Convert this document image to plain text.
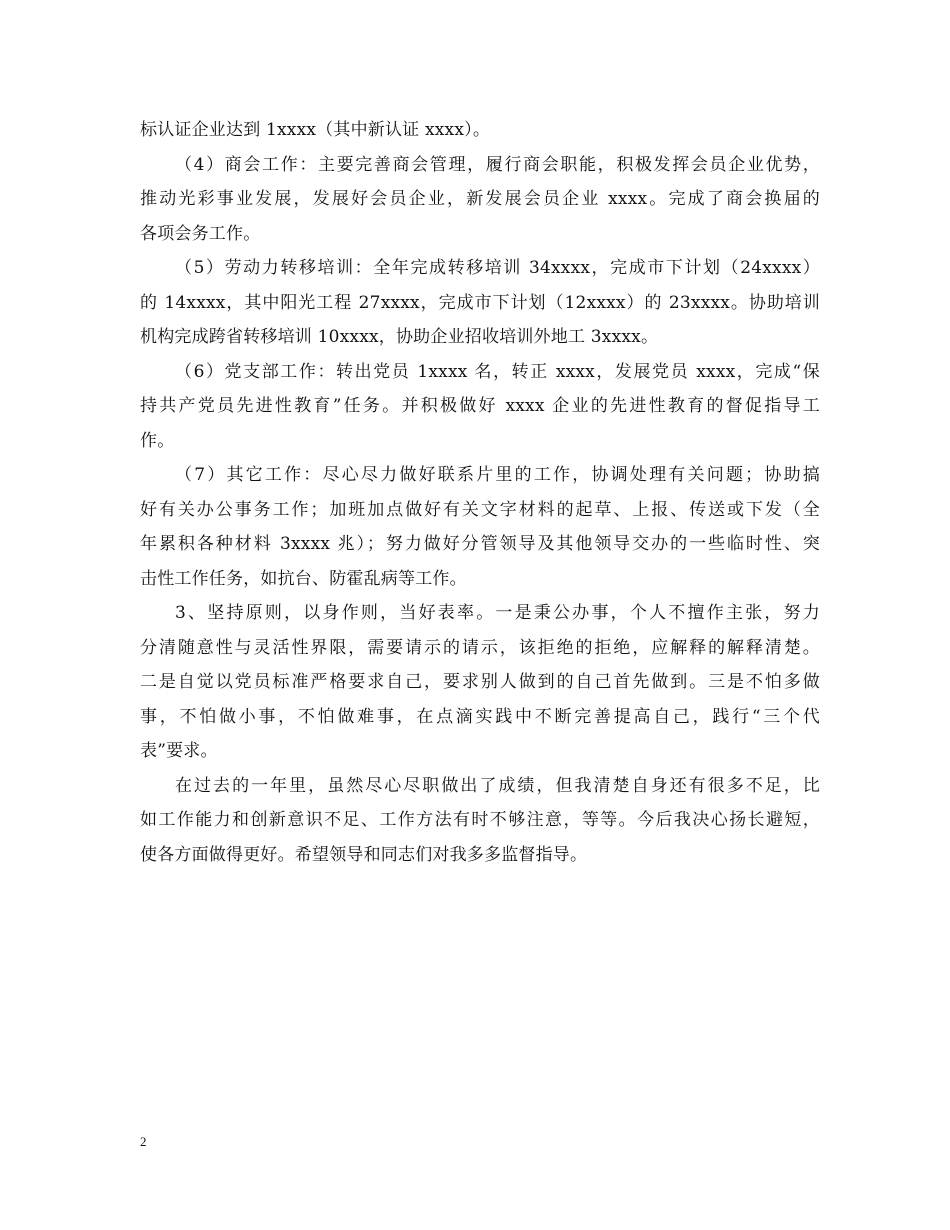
标认证企业达到 1xxxx（其中新认证 xxxx）。
（4）商会工作：主要完善商会管理，履行商会职能，积极发挥会员企业优势，
推动光彩事业发展，发展好会员企业，新发展会员企业 xxxx。完成了商会换届的
各项会务工作。
（5）劳动力转移培训：全年完成转移培训 34xxxx，完成市下计划（24xxxx）
的 14xxxx，其中阳光工程 27xxxx，完成市下计划（12xxxx）的 23xxxx。协助培训
机构完成跨省转移培训 10xxxx，协助企业招收培训外地工 3xxxx。
（6）党支部工作：转出党员 1xxxx 名，转正 xxxx，发展党员 xxxx，完成“保
持共产党员先进性教育”任务。并积极做好 xxxx 企业的先进性教育的督促指导工
作。
（7）其它工作：尽心尽力做好联系片里的工作，协调处理有关问题；协助搞
好有关办公事务工作；加班加点做好有关文字材料的起草、上报、传送或下发（全
年累积各种材料 3xxxx 兆）；努力做好分管领导及其他领导交办的一些临时性、突
击性工作任务，如抗台、防霍乱病等工作。
3、坚持原则，以身作则，当好表率。一是秉公办事，个人不擅作主张，努力
分清随意性与灵活性界限，需要请示的请示，该拒绝的拒绝，应解释的解释清楚。
二是自觉以党员标准严格要求自己，要求别人做到的自己首先做到。三是不怕多做
事，不怕做小事，不怕做难事，在点滴实践中不断完善提高自己，践行“三个代
表”要求。
在过去的一年里，虽然尽心尽职做出了成绩，但我清楚自身还有很多不足，比
如工作能力和创新意识不足、工作方法有时不够注意，等等。今后我决心扬长避短，
使各方面做得更好。希望领导和同志们对我多多监督指导。
2
